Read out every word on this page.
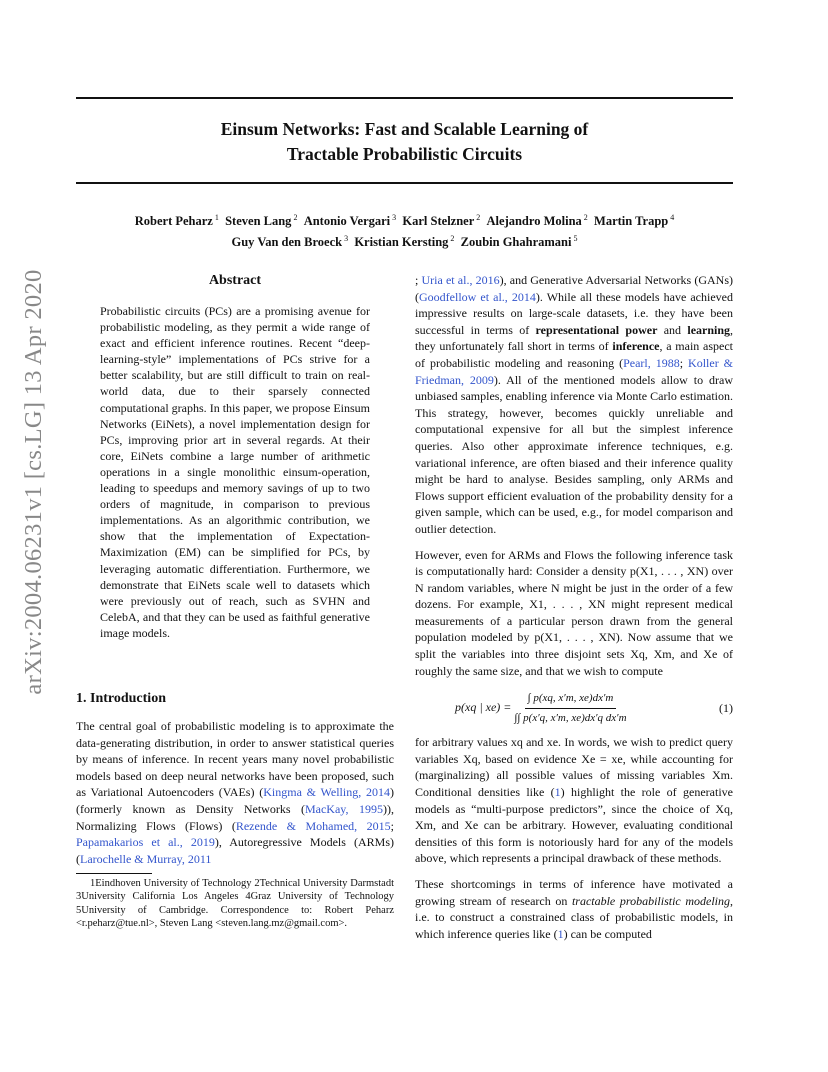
Einsum Networks: Fast and Scalable Learning of
Tractable Probabilistic Circuits
Robert Peharz $^1$ Steven Lang $^2$ Antonio Vergari $^3$ Karl Stelzner $^2$ Alejandro Molina $^2$ Martin Trapp $^4$
Guy Van den Broeck $^3$ Kristian Kersting $^2$ Zoubin Ghahramani $^5$
arXiv:2004.06231v1 [cs.LG] 13 Apr 2020	Abstract
Probabilistic circuits (PCs) are a promising avenue for probabilistic modeling, as they permit a wide range of exact and efficient inference routines. Recent “deep-learning-style” implementations of PCs strive for a better scalability, but are still difficult to train on real-world data, due to their sparsely connected computational graphs. In this paper, we propose Einsum Networks (EiNets), a novel implementation design for PCs, improving prior art in several regards. At their core, EiNets combine a large number of arithmetic operations in a single monolithic einsum-operation, leading to speedups and memory savings of up to two orders of magnitude, in comparison to previous implementations. As an algorithmic contribution, we show that the implementation of Expectation-Maximization (EM) can be simplified for PCs, by leveraging automatic differentiation. Furthermore, we demonstrate that EiNets scale well to datasets which were previously out of reach, such as SVHN and CelebA, and that they can be used as faithful generative image models.
1. Introduction

The central goal of probabilistic modeling is to approximate the data-generating distribution, in order to answer statistical queries by means of inference. In recent years many novel probabilistic models based on deep neural networks have been proposed, such as Variational Autoencoders (VAEs) (Kingma & Welling, 2014) (formerly known as Density Networks (MacKay, 1995)), Normalizing Flows (Flows) (Rezende & Mohamed, 2015; Papamakarios et al., 2019), Autoregressive Models (ARMs) (Larochelle & Murray, 2011

1Eindhoven University of Technology 2Technical University Darmstadt 3University California Los Angeles 4Graz University of Technology 5University of Cambridge. Correspondence to: Robert Peharz <r.peharz@tue.nl>, Steven Lang <steven.lang.mz@gmail.com>.

; Uria et al., 2016), and Generative Adversarial Networks (GANs) (Goodfellow et al., 2014). While all these models have achieved impressive results on large-scale datasets, i.e. they have been successful in terms of representational power and learning, they unfortunately fall short in terms of inference, a main aspect of probabilistic modeling and reasoning (Pearl, 1988; Koller & Friedman, 2009). All of the mentioned models allow to draw unbiased samples, enabling inference via Monte Carlo estimation. This strategy, however, becomes quickly unreliable and computational expensive for all but the simplest inference queries. Also other approximate inference techniques, e.g. variational inference, are often biased and their inference quality might be hard to analyse. Besides sampling, only ARMs and Flows support efficient evaluation of the probability density for a given sample, which can be used, e.g., for model comparison and outlier detection.

However, even for ARMs and Flows the following inference task is computationally hard: Consider a density p(X1, . . . , XN) over N random variables, where N might be just in the order of a few dozens. For example, X1, . . . , XN might represent medical measurements of a particular person drawn from the general population modeled by p(X1, . . . , XN). Now assume that we split the variables into three disjoint sets Xq, Xm, and Xe of roughly the same size, and that we wish to compute

p(xq | $xe) = \frac{\int p(xq, x'm, xe)dx'm}{\text{∫∫ p(x′q, x′m, xe)dx′q dx′m}}$	(1)

for arbitrary values xq and xe. In words, we wish to predict query variables Xq, based on evidence Xe = xe, while accounting for (marginalizing) all possible values of missing variables Xm. Conditional densities like (1) highlight the role of generative models as “multi-purpose predictors”, since the choice of Xq, Xm, and Xe can be arbitrary. However, evaluating conditional densities of this form is notoriously hard for any of the models above, which represents a principal drawback of these methods.

These shortcomings in terms of inference have motivated a growing stream of research on tractable probabilistic modeling, i.e. to construct a constrained class of probabilistic models, in which inference queries like (1) can be computed
